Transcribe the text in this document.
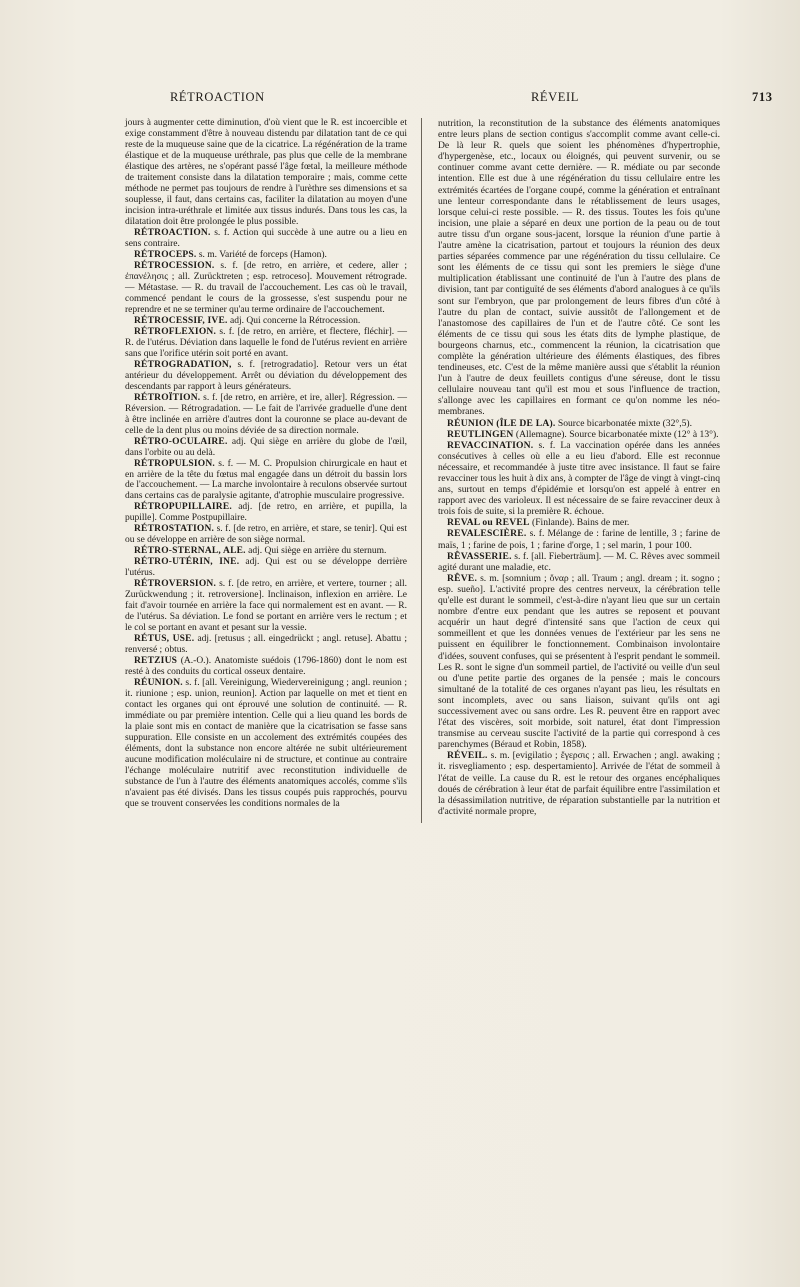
RÉTROACTION	RÉVEIL	713

jours à augmenter cette diminution, d'où vient que le R. est incoercible et exige constamment d'être à nouveau distendu par dilatation tant de ce qui reste de la muqueuse saine que de la cicatrice. La régénération de la trame élastique et de la muqueuse uréthrale, pas plus que celle de la membrane élastique des artères, ne s'opérant passé l'âge fœtal, la meilleure méthode de traitement consiste dans la dilatation temporaire ; mais, comme cette méthode ne permet pas toujours de rendre à l'urèthre ses dimensions et sa souplesse, il faut, dans certains cas, faciliter la dilatation au moyen d'une incision intra-uréthrale et limitée aux tissus indurés. Dans tous les cas, la dilatation doit être prolongée le plus possible.

RÉTROACTION. s. f. Action qui succède à une autre ou a lieu en sens contraire.

RÉTROCEPS. s. m. Variété de forceps (Hamon).

RÉTROCESSION. s. f. [de retro, en arrière, et cedere, aller ; ἐπανέλησις ; all. Zurücktreten ; esp. retroceso]. Mouvement rétrograde. — Métastase. — R. du travail de l'accouchement. Les cas où le travail, commencé pendant le cours de la grossesse, s'est suspendu pour ne reprendre et ne se terminer qu'au terme ordinaire de l'accouchement.

RÉTROCESSIF, IVE. adj. Qui concerne la Rétrocession.

RÉTROFLEXION. s. f. [de retro, en arrière, et flectere, fléchir]. — R. de l'utérus. Déviation dans laquelle le fond de l'utérus revient en arrière sans que l'orifice utérin soit porté en avant.

RÉTROGRADATION, s. f. [retrogradatio]. Retour vers un état antérieur du développement. Arrêt ou déviation du développement des descendants par rapport à leurs générateurs.

RÉTROÏTION. s. f. [de retro, en arrière, et ire, aller]. Régression. — Réversion. — Rétrogradation. — Le fait de l'arrivée graduelle d'une dent à être inclinée en arrière d'autres dont la couronne se place au-devant de celle de la dent plus ou moins déviée de sa direction normale.

RÉTRO-OCULAIRE. adj. Qui siège en arrière du globe de l'œil, dans l'orbite ou au delà.

RÉTROPULSION. s. f. — M. C. Propulsion chirurgicale en haut et en arrière de la tête du fœtus mal engagée dans un détroit du bassin lors de l'accouchement. — La marche involontaire à reculons observée surtout dans certains cas de paralysie agitante, d'atrophie musculaire progressive.

RÉTROPUPILLAIRE. adj. [de retro, en arrière, et pupilla, la pupille]. Comme Postpupillaire.

RÉTROSTATION. s. f. [de retro, en arrière, et stare, se tenir]. Qui est ou se développe en arrière de son siège normal.

RÉTRO-STERNAL, ALE. adj. Qui siège en arrière du sternum.

RÉTRO-UTÉRIN, INE. adj. Qui est ou se développe derrière l'utérus.

RÉTROVERSION. s. f. [de retro, en arrière, et vertere, tourner ; all. Zurückwendung ; it. retroversione]. Inclinaison, inflexion en arrière. Le fait d'avoir tournée en arrière la face qui normalement est en avant. — R. de l'utérus. Sa déviation. Le fond se portant en arrière vers le rectum ; et le col se portant en avant et pesant sur la vessie.

RÉTUS, USE. adj. [retusus ; all. eingedrückt ; angl. retuse]. Abattu ; renversé ; obtus.

RETZIUS (A.-O.). Anatomiste suédois (1796-1860) dont le nom est resté à des conduits du cortical osseux dentaire.

RÉUNION. s. f. [all. Vereinigung, Wiedervereinigung ; angl. reunion ; it. riunione ; esp. union, reunion]. Action par laquelle on met et tient en contact les organes qui ont éprouvé une solution de continuité. — R. immédiate ou par première intention. Celle qui a lieu quand les bords de la plaie sont mis en contact de manière que la cicatrisation se fasse sans suppuration. Elle consiste en un accolement des extrémités coupées des éléments, dont la substance non encore altérée ne subit ultérieurement aucune modification moléculaire ni de structure, et continue au contraire l'échange moléculaire nutritif avec reconstitution individuelle de substance de l'un à l'autre des éléments anatomiques accolés, comme s'ils n'avaient pas été divisés. Dans les tissus coupés puis rapprochés, pourvu que se trouvent conservées les conditions normales de la

nutrition, la reconstitution de la substance des éléments anatomiques entre leurs plans de section contigus s'accomplit comme avant celle-ci. De là leur R. quels que soient les phénomènes d'hypertrophie, d'hypergenèse, etc., locaux ou éloignés, qui peuvent survenir, ou se continuer comme avant cette dernière. — R. médiate ou par seconde intention. Elle est due à une régénération du tissu cellulaire entre les extrémités écartées de l'organe coupé, comme la génération et entraînant une lenteur correspondante dans le rétablissement de leurs usages, lorsque celui-ci reste possible. — R. des tissus. Toutes les fois qu'une incision, une plaie a séparé en deux une portion de la peau ou de tout autre tissu d'un organe sous-jacent, lorsque la réunion d'une partie à l'autre amène la cicatrisation, partout et toujours la réunion des deux parties séparées commence par une régénération du tissu cellulaire. Ce sont les éléments de ce tissu qui sont les premiers le siège d'une multiplication établissant une continuité de l'un à l'autre des plans de division, tant par contiguïté de ses éléments d'abord analogues à ce qu'ils sont sur l'embryon, que par prolongement de leurs fibres d'un côté à l'autre du plan de contact, suivie aussitôt de l'allongement et de l'anastomose des capillaires de l'un et de l'autre côté. Ce sont les éléments de ce tissu qui sous les états dits de lymphe plastique, de bourgeons charnus, etc., commencent la réunion, la cicatrisation que complète la génération ultérieure des éléments élastiques, des fibres tendineuses, etc. C'est de la même manière aussi que s'établit la réunion l'un à l'autre de deux feuillets contigus d'une séreuse, dont le tissu cellulaire nouveau tant qu'il est mou et sous l'influence de traction, s'allonge avec les capillaires en formant ce qu'on nomme les néo-membranes.

RÉUNION (ÎLE DE LA). Source bicarbonatée mixte (32°,5).

REUTLINGEN (Allemagne). Source bicarbonatée mixte (12° à 13°).

REVACCINATION. s. f. La vaccination opérée dans les années consécutives à celles où elle a eu lieu d'abord. Elle est reconnue nécessaire, et recommandée à juste titre avec insistance. Il faut se faire revacciner tous les huit à dix ans, à compter de l'âge de vingt à vingt-cinq ans, surtout en temps d'épidémie et lorsqu'on est appelé à entrer en rapport avec des varioleux. Il est nécessaire de se faire revacciner deux à trois fois de suite, si la première R. échoue.

REVAL ou REVEL (Finlande). Bains de mer.

REVALESCIÈRE. s. f. Mélange de : farine de lentille, 3 ; farine de maïs, 1 ; farine de pois, 1 ; farine d'orge, 1 ; sel marin, 1 pour 100.

RÊVASSERIE. s. f. [all. Fieberträum]. — M. C. Rêves avec sommeil agité durant une maladie, etc.

RÊVE. s. m. [somnium ; ὄναρ ; all. Traum ; angl. dream ; it. sogno ; esp. sueño]. L'activité propre des centres nerveux, la cérébration telle qu'elle est durant le sommeil, c'est-à-dire n'ayant lieu que sur un certain nombre d'entre eux pendant que les autres se reposent et pouvant acquérir un haut degré d'intensité sans que l'action de ceux qui sommeillent et que les données venues de l'extérieur par les sens ne puissent en équilibrer le fonctionnement. Combinaison involontaire d'idées, souvent confuses, qui se présentent à l'esprit pendant le sommeil. Les R. sont le signe d'un sommeil partiel, de l'activité ou veille d'un seul ou d'une petite partie des organes de la pensée ; mais le concours simultané de la totalité de ces organes n'ayant pas lieu, les résultats en sont incomplets, avec ou sans liaison, suivant qu'ils ont agi successivement avec ou sans ordre. Les R. peuvent être en rapport avec l'état des viscères, soit morbide, soit naturel, état dont l'impression transmise au cerveau suscite l'activité de la partie qui correspond à ces parenchymes (Béraud et Robin, 1858).

RÉVEIL. s. m. [evigilatio ; ἔγερσις ; all. Erwachen ; angl. awaking ; it. risvegliamento ; esp. despertamiento]. Arrivée de l'état de sommeil à l'état de veille. La cause du R. est le retour des organes encéphaliques doués de cérébration à leur état de parfait équilibre entre l'assimilation et la désassimilation nutritive, de réparation substantielle par la nutrition et d'activité normale propre,
